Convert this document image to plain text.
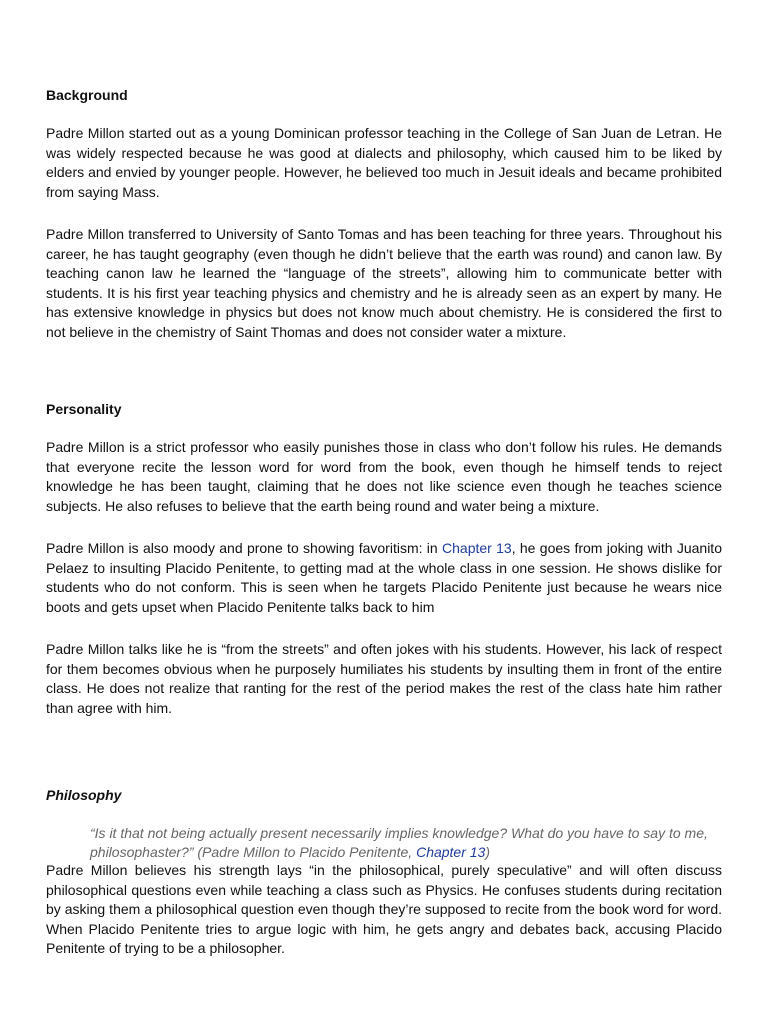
Background

Padre Millon started out as a young Dominican professor teaching in the College of San Juan de Letran. He was widely respected because he was good at dialects and philosophy, which caused him to be liked by elders and envied by younger people. However, he believed too much in Jesuit ideals and became prohibited from saying Mass.

Padre Millon transferred to University of Santo Tomas and has been teaching for three years. Throughout his career, he has taught geography (even though he didn’t believe that the earth was round) and canon law. By teaching canon law he learned the “language of the streets”, allowing him to communicate better with students. It is his first year teaching physics and chemistry and he is already seen as an expert by many. He has extensive knowledge in physics but does not know much about chemistry. He is considered the first to not believe in the chemistry of Saint Thomas and does not consider water a mixture.

Personality

Padre Millon is a strict professor who easily punishes those in class who don’t follow his rules. He demands that everyone recite the lesson word for word from the book, even though he himself tends to reject knowledge he has been taught, claiming that he does not like science even though he teaches science subjects. He also refuses to believe that the earth being round and water being a mixture.

Padre Millon is also moody and prone to showing favoritism: in Chapter 13, he goes from joking with Juanito Pelaez to insulting Placido Penitente, to getting mad at the whole class in one session. He shows dislike for students who do not conform. This is seen when he targets Placido Penitente just because he wears nice boots and gets upset when Placido Penitente talks back to him

Padre Millon talks like he is “from the streets” and often jokes with his students. However, his lack of respect for them becomes obvious when he purposely humiliates his students by insulting them in front of the entire class. He does not realize that ranting for the rest of the period makes the rest of the class hate him rather than agree with him.

Philosophy

“Is it that not being actually present necessarily implies knowledge? What do you have to say to me, philosophaster?” (Padre Millon to Placido Penitente, Chapter 13)

Padre Millon believes his strength lays “in the philosophical, purely speculative” and will often discuss philosophical questions even while teaching a class such as Physics. He confuses students during recitation by asking them a philosophical question even though they’re supposed to recite from the book word for word. When Placido Penitente tries to argue logic with him, he gets angry and debates back, accusing Placido Penitente of trying to be a philosopher.
